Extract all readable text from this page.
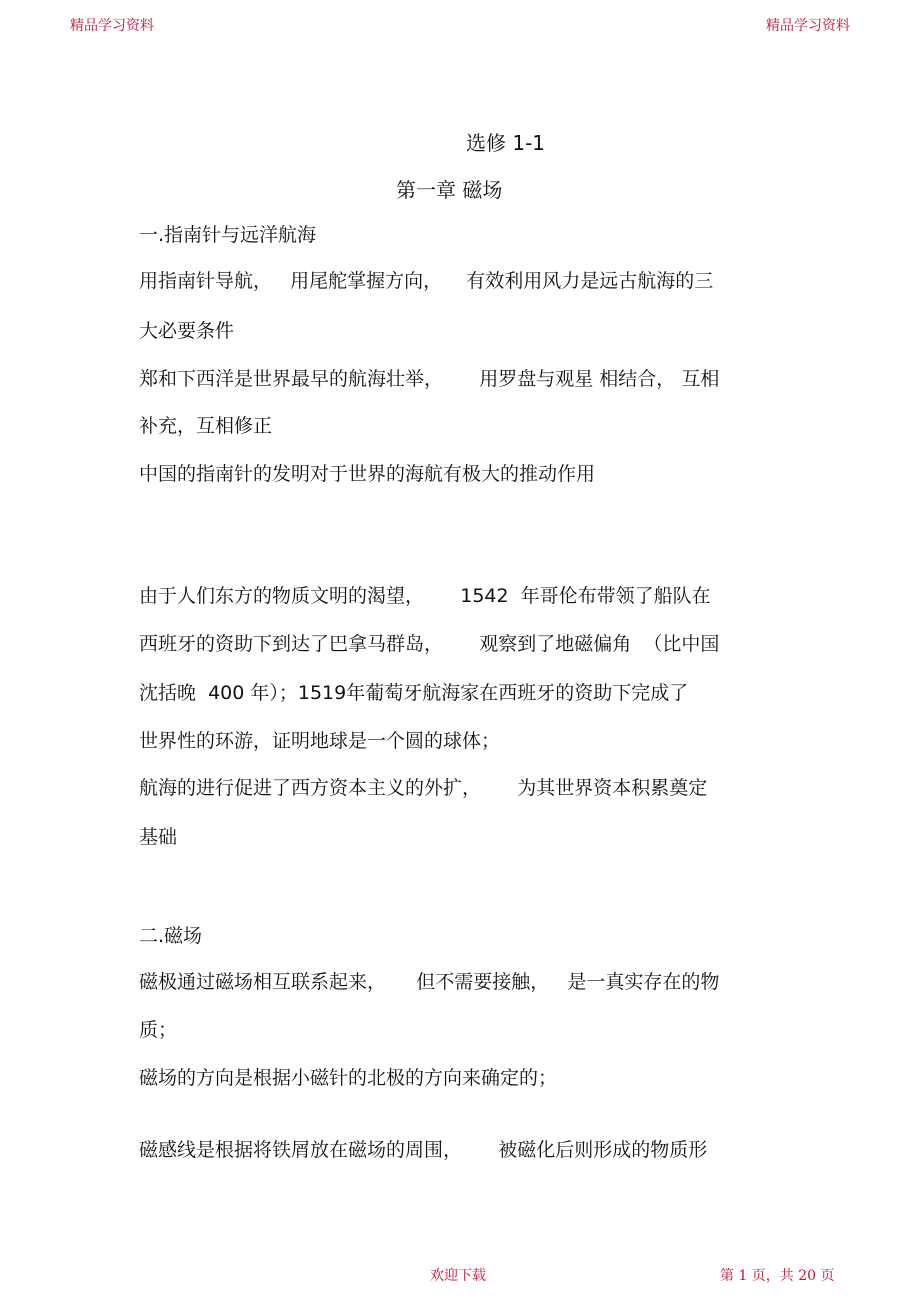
精品学习资料	精品学习资料
选修 1-1
第一章 磁场
一.指南针与远洋航海
用指南针导航，   用尾舵掌握方向，    有效利用风力是远古航海的三
大必要条件
郑和下西洋是世界最早的航海壮举，      用罗盘与观星 相结合， 互相
补充，互相修正
中国的指南针的发明对于世界的海航有极大的推动作用
由于人们东方的物质文明的渴望，      1542  年哥伦布带领了船队在
西班牙的资助下到达了巴拿马群岛，      观察到了地磁偏角  （比中国
沈括晚  400 年）；1519年葡萄牙航海家在西班牙的资助下完成了
世界性的环游，证明地球是一个圆的球体；
航海的进行促进了西方资本主义的外扩，      为其世界资本积累奠定
基础
二.磁场
磁极通过磁场相互联系起来，     但不需要接触，   是一真实存在的物
质；
磁场的方向是根据小磁针的北极的方向来确定的；
磁感线是根据将铁屑放在磁场的周围，      被磁化后则形成的物质形
欢迎下载	第 1 页，共 20 页
